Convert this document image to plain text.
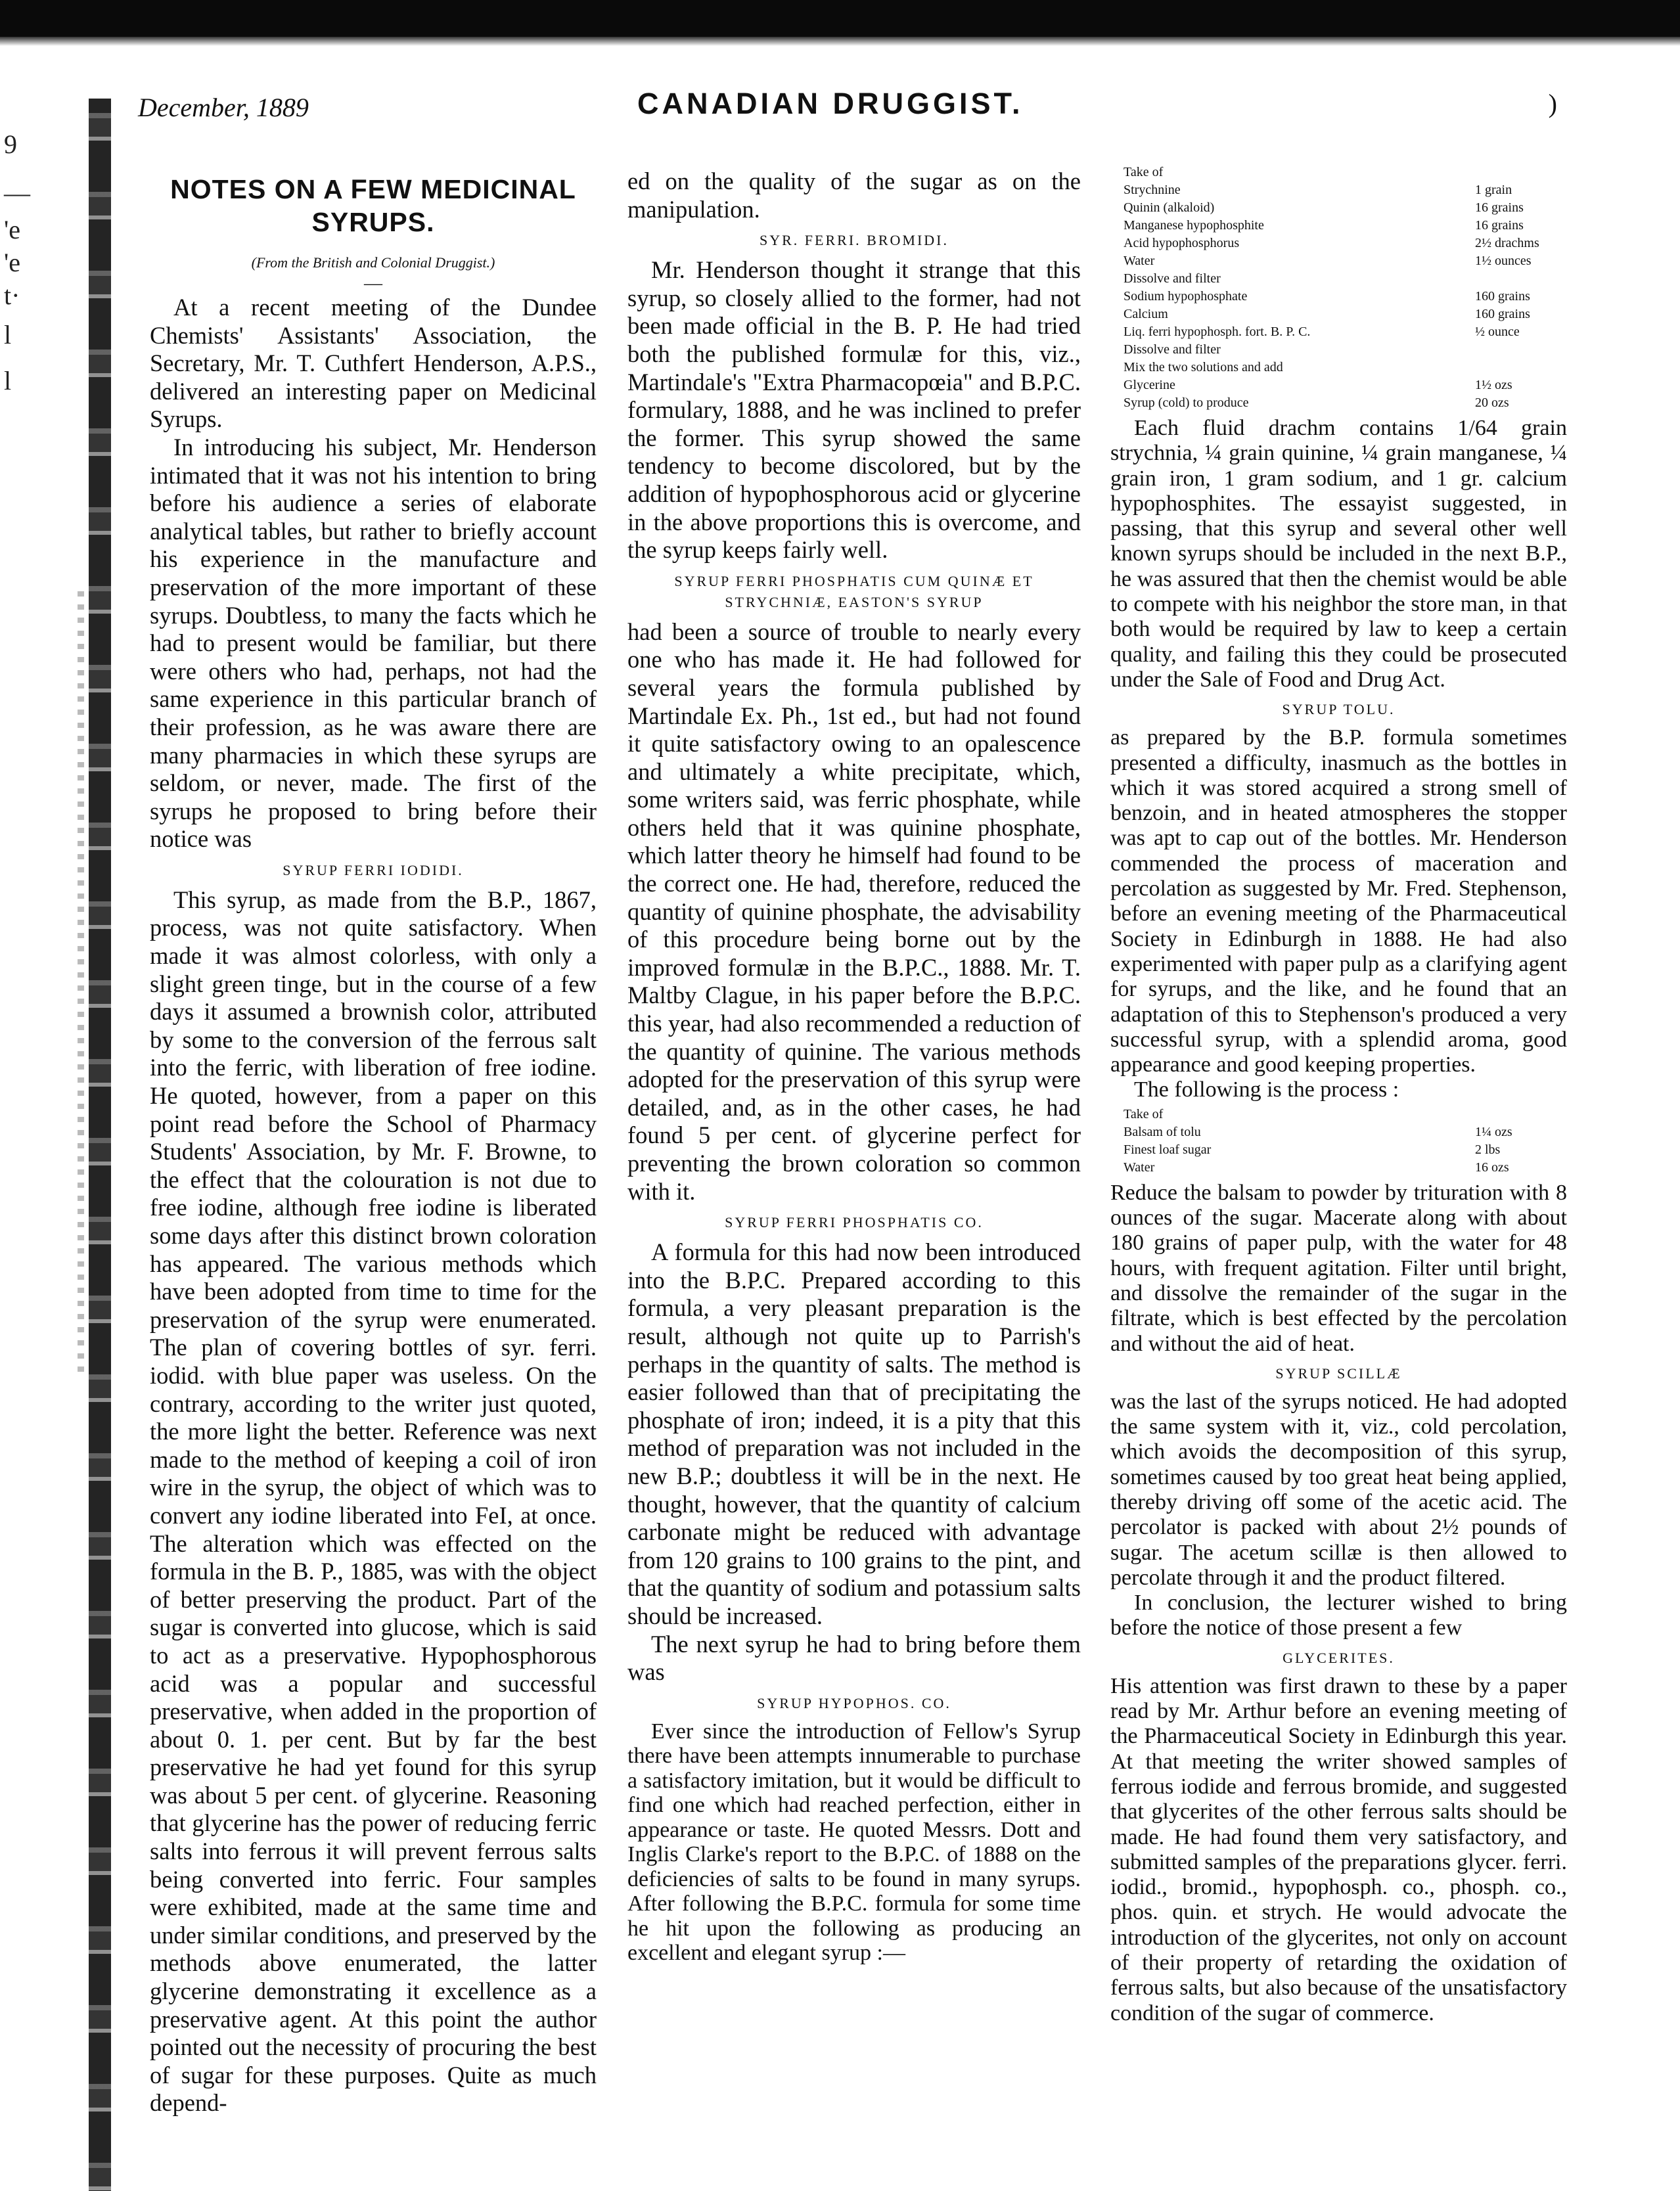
9
—
'e
'e
t·
l
l
December, 1889	CANADIAN DRUGGIST.	)
NOTES ON A FEW MEDICINAL SYRUPS.
(From the British and Colonial Druggist.)
—

At a recent meeting of the Dundee Chemists' Assistants' Association, the Secretary, Mr. T. Cuthfert Henderson, A.P.S., delivered an interesting paper on Medicinal Syrups.

In introducing his subject, Mr. Henderson intimated that it was not his intention to bring before his audience a series of elaborate analytical tables, but rather to briefly account his experience in the manufacture and preservation of the more important of these syrups. Doubtless, to many the facts which he had to present would be familiar, but there were others who had, perhaps, not had the same experience in this particular branch of their profession, as he was aware there are many pharmacies in which these syrups are seldom, or never, made. The first of the syrups he proposed to bring before their notice was

SYRUP FERRI IODIDI.

This syrup, as made from the B.P., 1867, process, was not quite satisfactory. When made it was almost colorless, with only a slight green tinge, but in the course of a few days it assumed a brownish color, attributed by some to the conversion of the ferrous salt into the ferric, with liberation of free iodine. He quoted, however, from a paper on this point read before the School of Pharmacy Students' Association, by Mr. F. Browne, to the effect that the colouration is not due to free iodine, although free iodine is liberated some days after this distinct brown coloration has appeared. The various methods which have been adopted from time to time for the preservation of the syrup were enumerated. The plan of covering bottles of syr. ferri. iodid. with blue paper was useless. On the contrary, according to the writer just quoted, the more light the better. Reference was next made to the method of keeping a coil of iron wire in the syrup, the object of which was to convert any iodine liberated into FeI, at once. The alteration which was effected on the formula in the B. P., 1885, was with the object of better preserving the product. Part of the sugar is converted into glucose, which is said to act as a preservative. Hypophosphorous acid was a popular and successful preservative, when added in the proportion of about 0. 1. per cent. But by far the best preservative he had yet found for this syrup was about 5 per cent. of glycerine. Reasoning that glycerine has the power of reducing ferric salts into ferrous it will prevent ferrous salts being converted into ferric. Four samples were exhibited, made at the same time and under similar conditions, and preserved by the methods above enumerated, the latter glycerine demonstrating it excellence as a preservative agent. At this point the author pointed out the necessity of procuring the best of sugar for these purposes. Quite as much depend-

ed on the quality of the sugar as on the manipulation.

SYR. FERRI. BROMIDI.

Mr. Henderson thought it strange that this syrup, so closely allied to the former, had not been made official in the B. P. He had tried both the published formulæ for this, viz., Martindale's "Extra Pharmacopœia" and B.P.C. formulary, 1888, and he was inclined to prefer the former. This syrup showed the same tendency to become discolored, but by the addition of hypophosphorous acid or glycerine in the above proportions this is overcome, and the syrup keeps fairly well.

SYRUP FERRI PHOSPHATIS CUM QUINÆ ET STRYCHNIÆ, EASTON'S SYRUP

had been a source of trouble to nearly every one who has made it. He had followed for several years the formula published by Martindale Ex. Ph., 1st ed., but had not found it quite satisfactory owing to an opalescence and ultimately a white precipitate, which, some writers said, was ferric phosphate, while others held that it was quinine phosphate, which latter theory he himself had found to be the correct one. He had, therefore, reduced the quantity of quinine phosphate, the advisability of this procedure being borne out by the improved formulæ in the B.P.C., 1888. Mr. T. Maltby Clague, in his paper before the B.P.C. this year, had also recommended a reduction of the quantity of quinine. The various methods adopted for the preservation of this syrup were detailed, and, as in the other cases, he had found 5 per cent. of glycerine perfect for preventing the brown coloration so common with it.

SYRUP FERRI PHOSPHATIS CO.

A formula for this had now been introduced into the B.P.C. Prepared according to this formula, a very pleasant preparation is the result, although not quite up to Parrish's perhaps in the quantity of salts. The method is easier followed than that of precipitating the phosphate of iron; indeed, it is a pity that this method of preparation was not included in the new B.P.; doubtless it will be in the next. He thought, however, that the quantity of calcium carbonate might be reduced with advantage from 120 grains to 100 grains to the pint, and that the quantity of sodium and potassium salts should be increased.

The next syrup he had to bring before them was

SYRUP HYPOPHOS. CO.

Ever since the introduction of Fellow's Syrup there have been attempts innumerable to purchase a satisfactory imitation, but it would be difficult to find one which had reached perfection, either in appearance or taste. He quoted Messrs. Dott and Inglis Clarke's report to the B.P.C. of 1888 on the deficiencies of salts to be found in many syrups. After following the B.P.C. formula for some time he hit upon the following as producing an excellent and elegant syrup :—

Take of
Strychnine	1 grain
Quinin (alkaloid)	16 grains
Manganese hypophosphite	16 grains
Acid hypophosphorus	2½ drachms
Water	1½ ounces
Dissolve and filter
Sodium hypophosphate	160 grains
Calcium	160 grains
Liq. ferri hypophosph. fort. B. P. C.	½ ounce
Dissolve and filter
Mix the two solutions and add
Glycerine	1½ ozs
Syrup (cold) to produce	20 ozs

Each fluid drachm contains 1/64 grain strychnia, ¼ grain quinine, ¼ grain manganese, ¼ grain iron, 1 gram sodium, and 1 gr. calcium hypophosphites. The essayist suggested, in passing, that this syrup and several other well known syrups should be included in the next B.P., he was assured that then the chemist would be able to compete with his neighbor the store man, in that both would be required by law to keep a certain quality, and failing this they could be prosecuted under the Sale of Food and Drug Act.

SYRUP TOLU.

as prepared by the B.P. formula sometimes presented a difficulty, inasmuch as the bottles in which it was stored acquired a strong smell of benzoin, and in heated atmospheres the stopper was apt to cap out of the bottles. Mr. Henderson commended the process of maceration and percolation as suggested by Mr. Fred. Stephenson, before an evening meeting of the Pharmaceutical Society in Edinburgh in 1888. He had also experimented with paper pulp as a clarifying agent for syrups, and the like, and he found that an adaptation of this to Stephenson's produced a very successful syrup, with a splendid aroma, good appearance and good keeping properties.

The following is the process :

Take of
Balsam of tolu	1¼ ozs
Finest loaf sugar	2 lbs
Water	16 ozs

Reduce the balsam to powder by trituration with 8 ounces of the sugar. Macerate along with about 180 grains of paper pulp, with the water for 48 hours, with frequent agitation. Filter until bright, and dissolve the remainder of the sugar in the filtrate, which is best effected by the percolation and without the aid of heat.

SYRUP SCILLÆ

was the last of the syrups noticed. He had adopted the same system with it, viz., cold percolation, which avoids the decomposition of this syrup, sometimes caused by too great heat being applied, thereby driving off some of the acetic acid. The percolator is packed with about 2½ pounds of sugar. The acetum scillæ is then allowed to percolate through it and the product filtered.

In conclusion, the lecturer wished to bring before the notice of those present a few

GLYCERITES.

His attention was first drawn to these by a paper read by Mr. Arthur before an evening meeting of the Pharmaceutical Society in Edinburgh this year. At that meeting the writer showed samples of ferrous iodide and ferrous bromide, and suggested that glycerites of the other ferrous salts should be made. He had found them very satisfactory, and submitted samples of the preparations glycer. ferri. iodid., bromid., hypophosph. co., phosph. co., phos. quin. et strych. He would advocate the introduction of the glycerites, not only on account of their property of retarding the oxidation of ferrous salts, but also because of the unsatisfactory condition of the sugar of commerce.
